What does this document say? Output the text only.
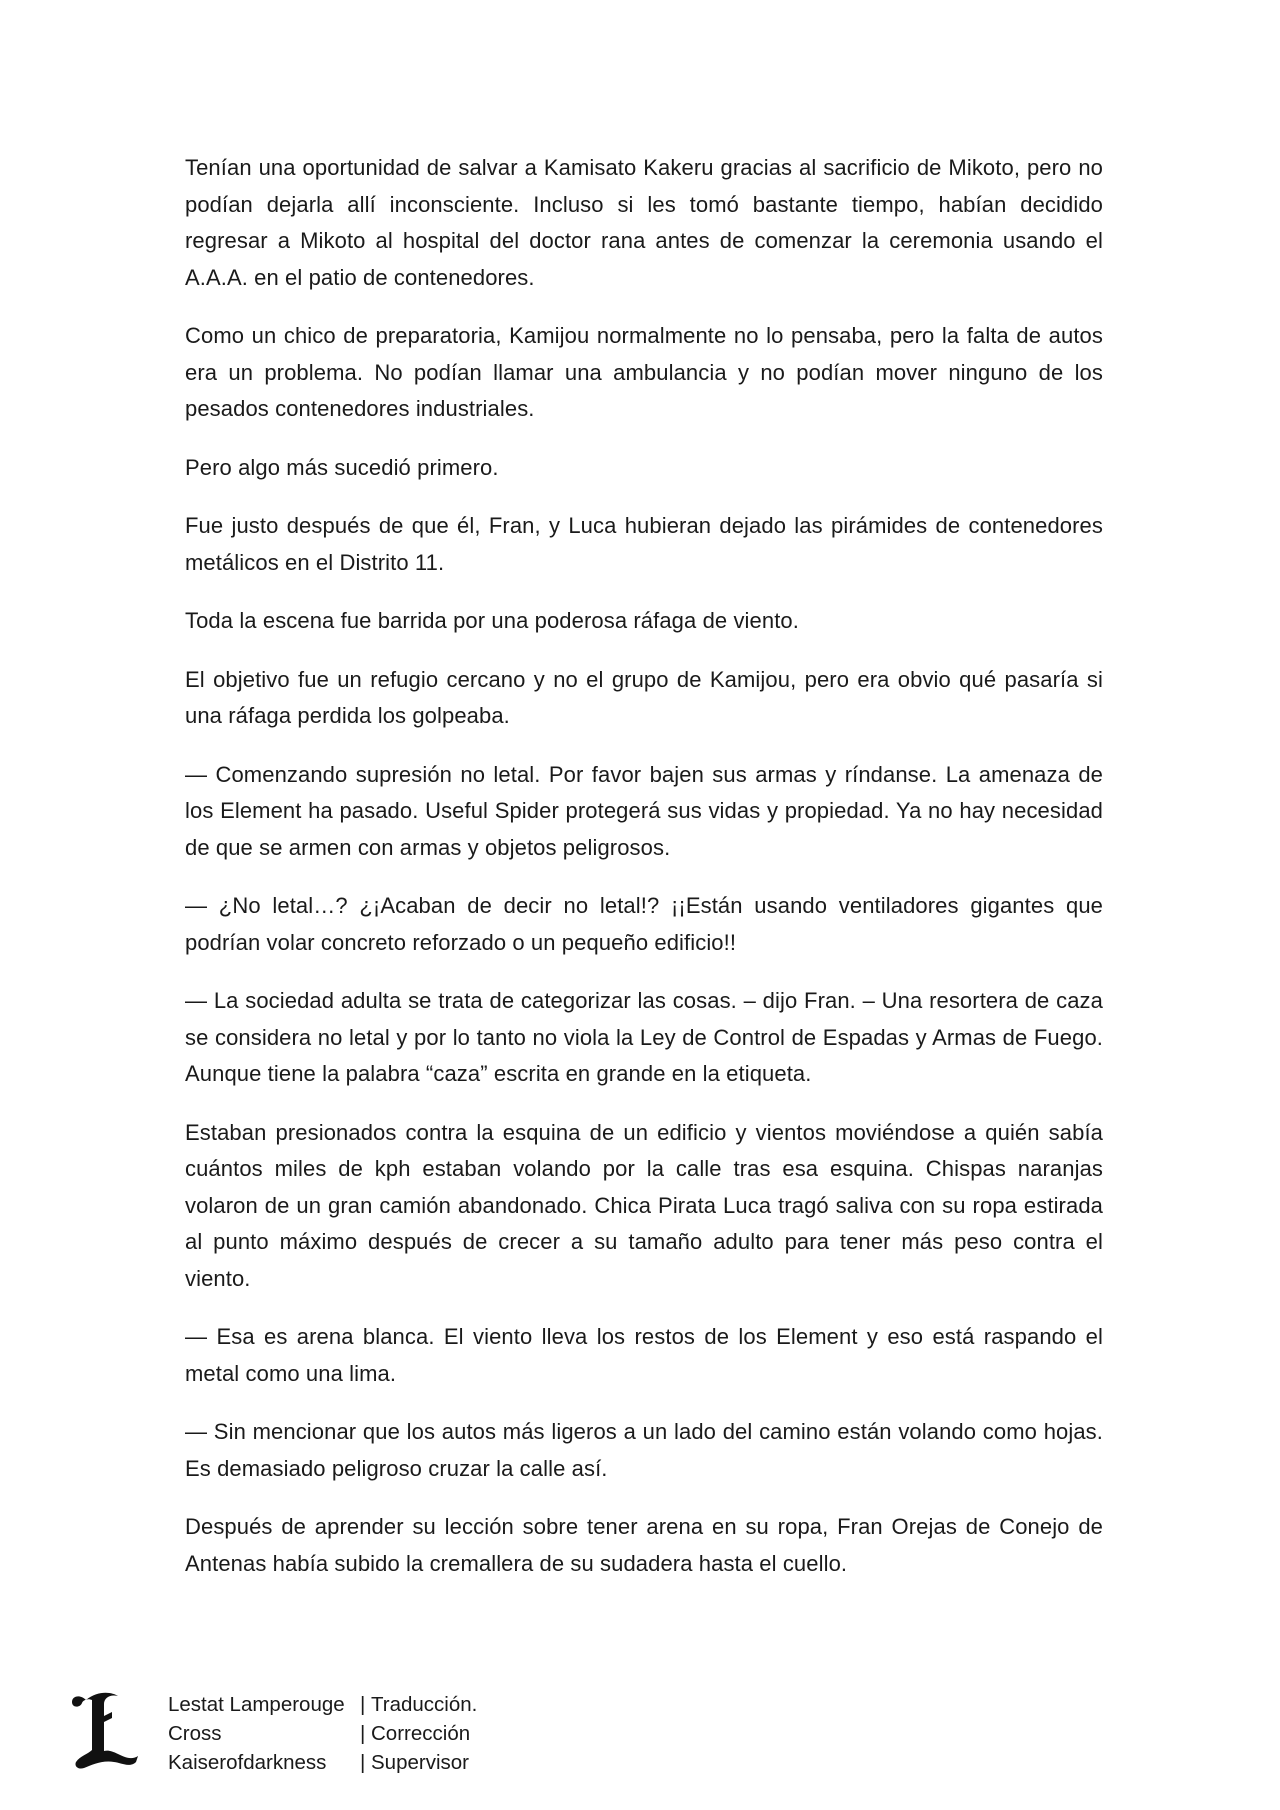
Tenían una oportunidad de salvar a Kamisato Kakeru gracias al sacrificio de Mikoto, pero no podían dejarla allí inconsciente. Incluso si les tomó bastante tiempo, habían decidido regresar a Mikoto al hospital del doctor rana antes de comenzar la ceremonia usando el A.A.A. en el patio de contenedores.

Como un chico de preparatoria, Kamijou normalmente no lo pensaba, pero la falta de autos era un problema. No podían llamar una ambulancia y no podían mover ninguno de los pesados contenedores industriales.

Pero algo más sucedió primero.

Fue justo después de que él, Fran, y Luca hubieran dejado las pirámides de contenedores metálicos en el Distrito 11.

Toda la escena fue barrida por una poderosa ráfaga de viento.

El objetivo fue un refugio cercano y no el grupo de Kamijou, pero era obvio qué pasaría si una ráfaga perdida los golpeaba.

— Comenzando supresión no letal. Por favor bajen sus armas y ríndanse. La amenaza de los Element ha pasado. Useful Spider protegerá sus vidas y propiedad. Ya no hay necesidad de que se armen con armas y objetos peligrosos.

— ¿No letal…? ¿¡Acaban de decir no letal!? ¡¡Están usando ventiladores gigantes que podrían volar concreto reforzado o un pequeño edificio!!

— La sociedad adulta se trata de categorizar las cosas. – dijo Fran. – Una resortera de caza se considera no letal y por lo tanto no viola la Ley de Control de Espadas y Armas de Fuego. Aunque tiene la palabra “caza” escrita en grande en la etiqueta.

Estaban presionados contra la esquina de un edificio y vientos moviéndose a quién sabía cuántos miles de kph estaban volando por la calle tras esa esquina. Chispas naranjas volaron de un gran camión abandonado. Chica Pirata Luca tragó saliva con su ropa estirada al punto máximo después de crecer a su tamaño adulto para tener más peso contra el viento.

— Esa es arena blanca. El viento lleva los restos de los Element y eso está raspando el metal como una lima.

— Sin mencionar que los autos más ligeros a un lado del camino están volando como hojas. Es demasiado peligroso cruzar la calle así.

Después de aprender su lección sobre tener arena en su ropa, Fran Orejas de Conejo de Antenas había subido la cremallera de su sudadera hasta el cuello.

Lestat Lamperouge | Traducción.
Cross	| Corrección
Kaiserofdarkness	| Supervisor
